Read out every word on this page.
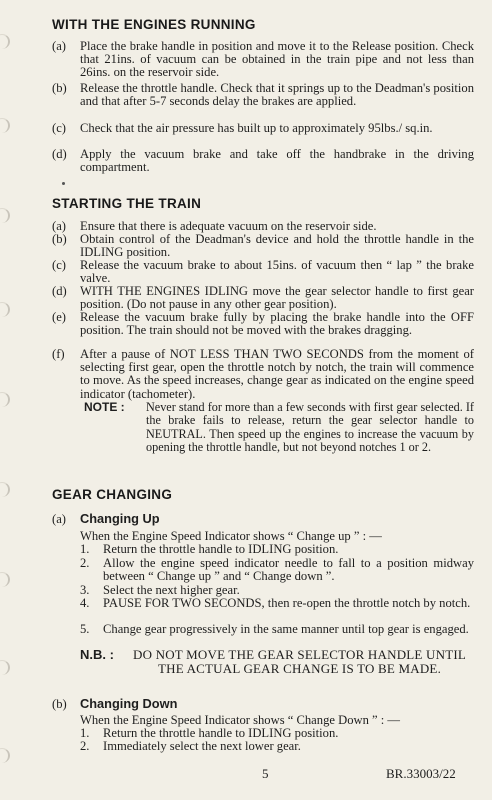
WITH THE ENGINES RUNNING
(a) Place the brake handle in position and move it to the Release position. Check that 21ins. of vacuum can be obtained in the train pipe and not less than 26ins. on the reservoir side.
(b) Release the throttle handle. Check that it springs up to the Deadman's position and that after 5-7 seconds delay the brakes are applied.
(c) Check that the air pressure has built up to approximately 95lbs./ sq.in.
(d) Apply the vacuum brake and take off the handbrake in the driving compartment.
STARTING THE TRAIN
(a) Ensure that there is adequate vacuum on the reservoir side.
(b) Obtain control of the Deadman's device and hold the throttle handle in the IDLING position.
(c) Release the vacuum brake to about 15ins. of vacuum then “ lap ” the brake valve.
(d) WITH THE ENGINES IDLING move the gear selector handle to first gear position. (Do not pause in any other gear position).
(e) Release the vacuum brake fully by placing the brake handle into the OFF position. The train should not be moved with the brakes dragging.
(f) After a pause of NOT LESS THAN TWO SECONDS from the moment of selecting first gear, open the throttle notch by notch, the train will commence to move. As the speed increases, change gear as indicated on the engine speed indicator (tachometer).
NOTE : Never stand for more than a few seconds with first gear selected. If the brake fails to release, return the gear selector handle to NEUTRAL. Then speed up the engines to increase the vacuum by opening the throttle handle, but not beyond notches 1 or 2.
GEAR CHANGING
(a) Changing Up
When the Engine Speed Indicator shows “ Change up ” : —
1. Return the throttle handle to IDLING position.
2. Allow the engine speed indicator needle to fall to a position midway between “ Change up ” and “ Change down ”.
3. Select the next higher gear.
4. PAUSE FOR TWO SECONDS, then re-open the throttle notch by notch.
5. Change gear progressively in the same manner until top gear is engaged.
N.B. :	DO NOT MOVE THE GEAR SELECTOR HANDLE UNTIL THE ACTUAL GEAR CHANGE IS TO BE MADE.
(b) Changing Down
When the Engine Speed Indicator shows “ Change Down ” : —
1. Return the throttle handle to IDLING position.
2. Immediately select the next lower gear.
5	BR.33003/22
